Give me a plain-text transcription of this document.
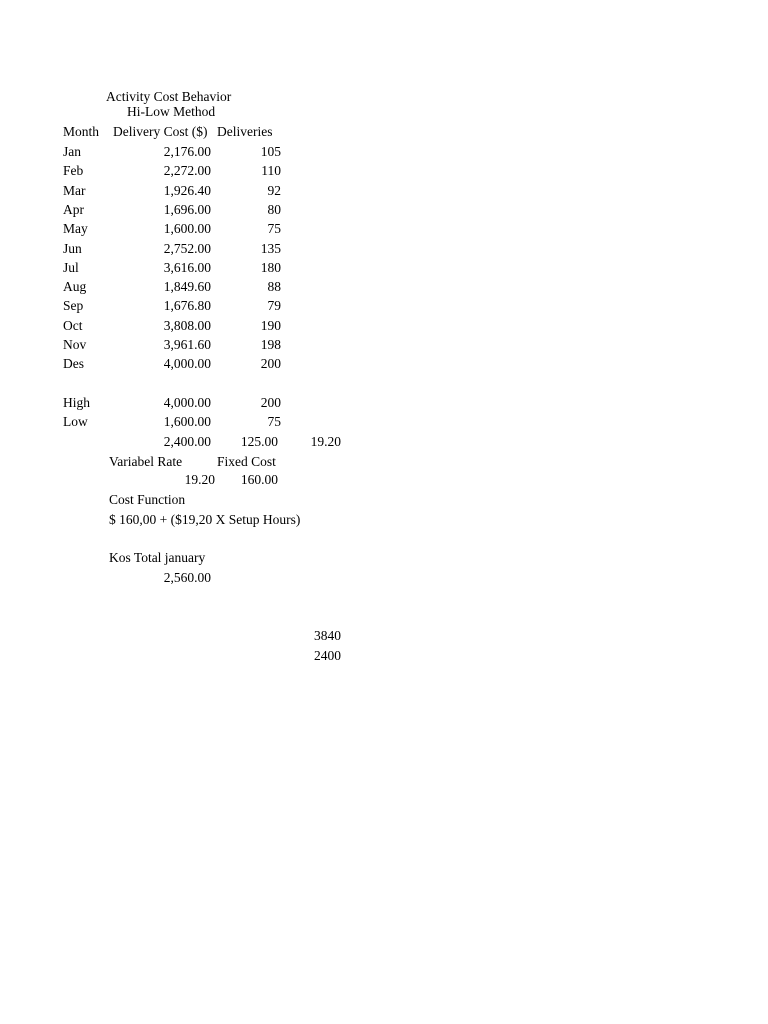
Activity Cost Behavior
Hi-Low Method
Month Delivery Cost ($) Deliveries
Jan	2,176.00	105
Feb	2,272.00	110
Mar	1,926.40	92
Apr	1,696.00	80
May	1,600.00	75
Jun	2,752.00	135
Jul	3,616.00	180
Aug	1,849.60	88
Sep	1,676.80	79
Oct	3,808.00	190
Nov	3,961.60	198
Des	4,000.00	200
High	4,000.00	200
Low	1,600.00	75
2,400.00	125.00	19.20
Variabel Rate	Fixed Cost
19.20	160.00
Cost Function
$ 160,00 + ($19,20 X Setup Hours)
Kos Total january
2,560.00
3840
2400
